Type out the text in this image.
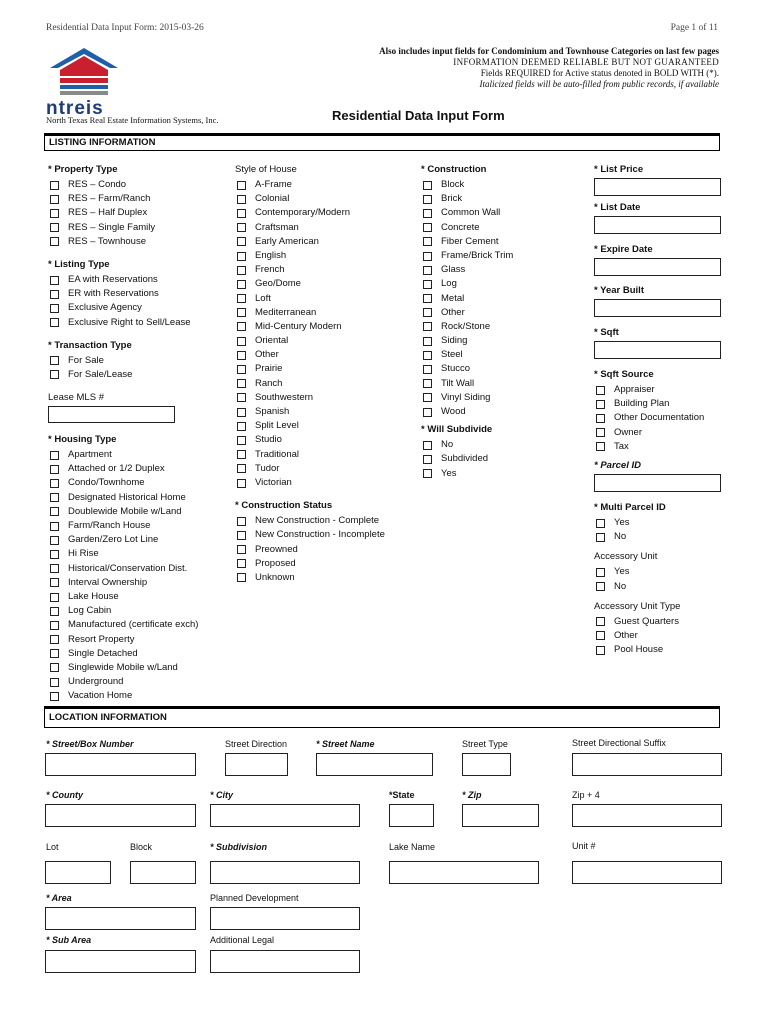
Residential Data Input Form: 2015-03-26	Page 1 of 11
Also includes input fields for Condominium and Townhouse Categories on last few pages
INFORMATION DEEMED RELIABLE BUT NOT GUARANTEED
Fields REQUIRED for Active status denoted in BOLD WITH (*).
Italicized fields will be auto-filled from public records, if available
ntreis
North Texas Real Estate Information Systems, Inc.	Residential Data Input Form
LISTING INFORMATION
* Property Type
RES – Condo
RES – Farm/Ranch
RES – Half Duplex
RES – Single Family
RES – Townhouse
* Listing Type
EA with Reservations
ER with Reservations
Exclusive Agency
Exclusive Right to Sell/Lease
* Transaction Type
For Sale
For Sale/Lease
Lease MLS #
* Housing Type
Apartment
Attached or 1/2 Duplex
Condo/Townhome
Designated Historical Home
Doublewide Mobile w/Land
Farm/Ranch House
Garden/Zero Lot Line
Hi Rise
Historical/Conservation Dist.
Interval Ownership
Lake House
Log Cabin
Manufactured (certificate exch)
Resort Property
Single Detached
Singlewide Mobile w/Land
Underground
Vacation Home
Style of House
A-Frame
Colonial
Contemporary/Modern
Craftsman
Early American
English
French
Geo/Dome
Loft
Mediterranean
Mid-Century Modern
Oriental
Other
Prairie
Ranch
Southwestern
Spanish
Split Level
Studio
Traditional
Tudor
Victorian
* Construction Status
New Construction - Complete
New Construction - Incomplete
Preowned
Proposed
Unknown
* Construction
Block
Brick
Common Wall
Concrete
Fiber Cement
Frame/Brick Trim
Glass
Log
Metal
Other
Rock/Stone
Siding
Steel
Stucco
Tilt Wall
Vinyl Siding
Wood
* Will Subdivide
No
Subdivided
Yes
* List Price
* List Date
* Expire Date
* Year Built
* Sqft
* Sqft Source
Appraiser
Building Plan
Other Documentation
Owner
Tax
* Parcel ID
* Multi Parcel ID
Yes
No
Accessory Unit
Yes
No
Accessory Unit Type
Guest Quarters
Other
Pool House
LOCATION INFORMATION
* Street/Box Number	Street Direction	* Street Name	Street Type	Street Directional Suffix
* County	* City	*State	* Zip	Zip + 4
Lot	Block	* Subdivision	Lake Name	Unit #
* Area	Planned Development
* Sub Area	Additional Legal
